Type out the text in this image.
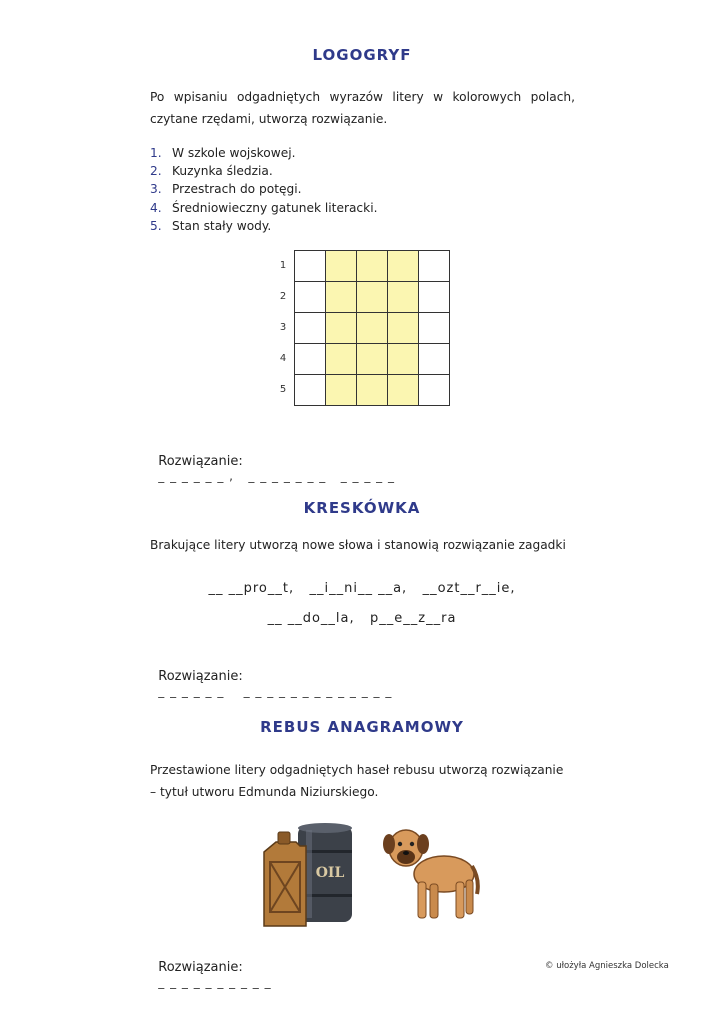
LOGOGRYF
Po wpisaniu odgadniętych wyrazów litery w kolorowych polach, czytane rzędami, utworzą rozwiązanie.
1. W szkole wojskowej.
2. Kuzynka śledzia.
3. Przestrach do potęgi.
4. Średniowieczny gatunek literacki.
5. Stan stały wody.
1
2
3
4
5

Rozwiązanie:
_ _ _ _ _ _ ,   _ _ _ _ _ _ _   _ _ _ _ _

KRESKÓWKA
Brakujące litery utworzą nowe słowa i stanowią rozwiązanie zagadki
__ __pro__t,   __i__ni__ __a,   __ozt__r__ie,
__ __do__la,   p__e__z__ra

Rozwiązanie:
_ _ _ _ _ _    _ _ _ _ _ _ _ _ _ _ _ _ _

REBUS ANAGRAMOWY
Przestawione litery odgadniętych haseł rebusu utworzą rozwiązanie
– tytuł utworu Edmunda Niziurskiego.
OIL

Rozwiązanie:
_ _ _ _ _ _ _ _ _ _

© ułożyła Agnieszka Dolecka
